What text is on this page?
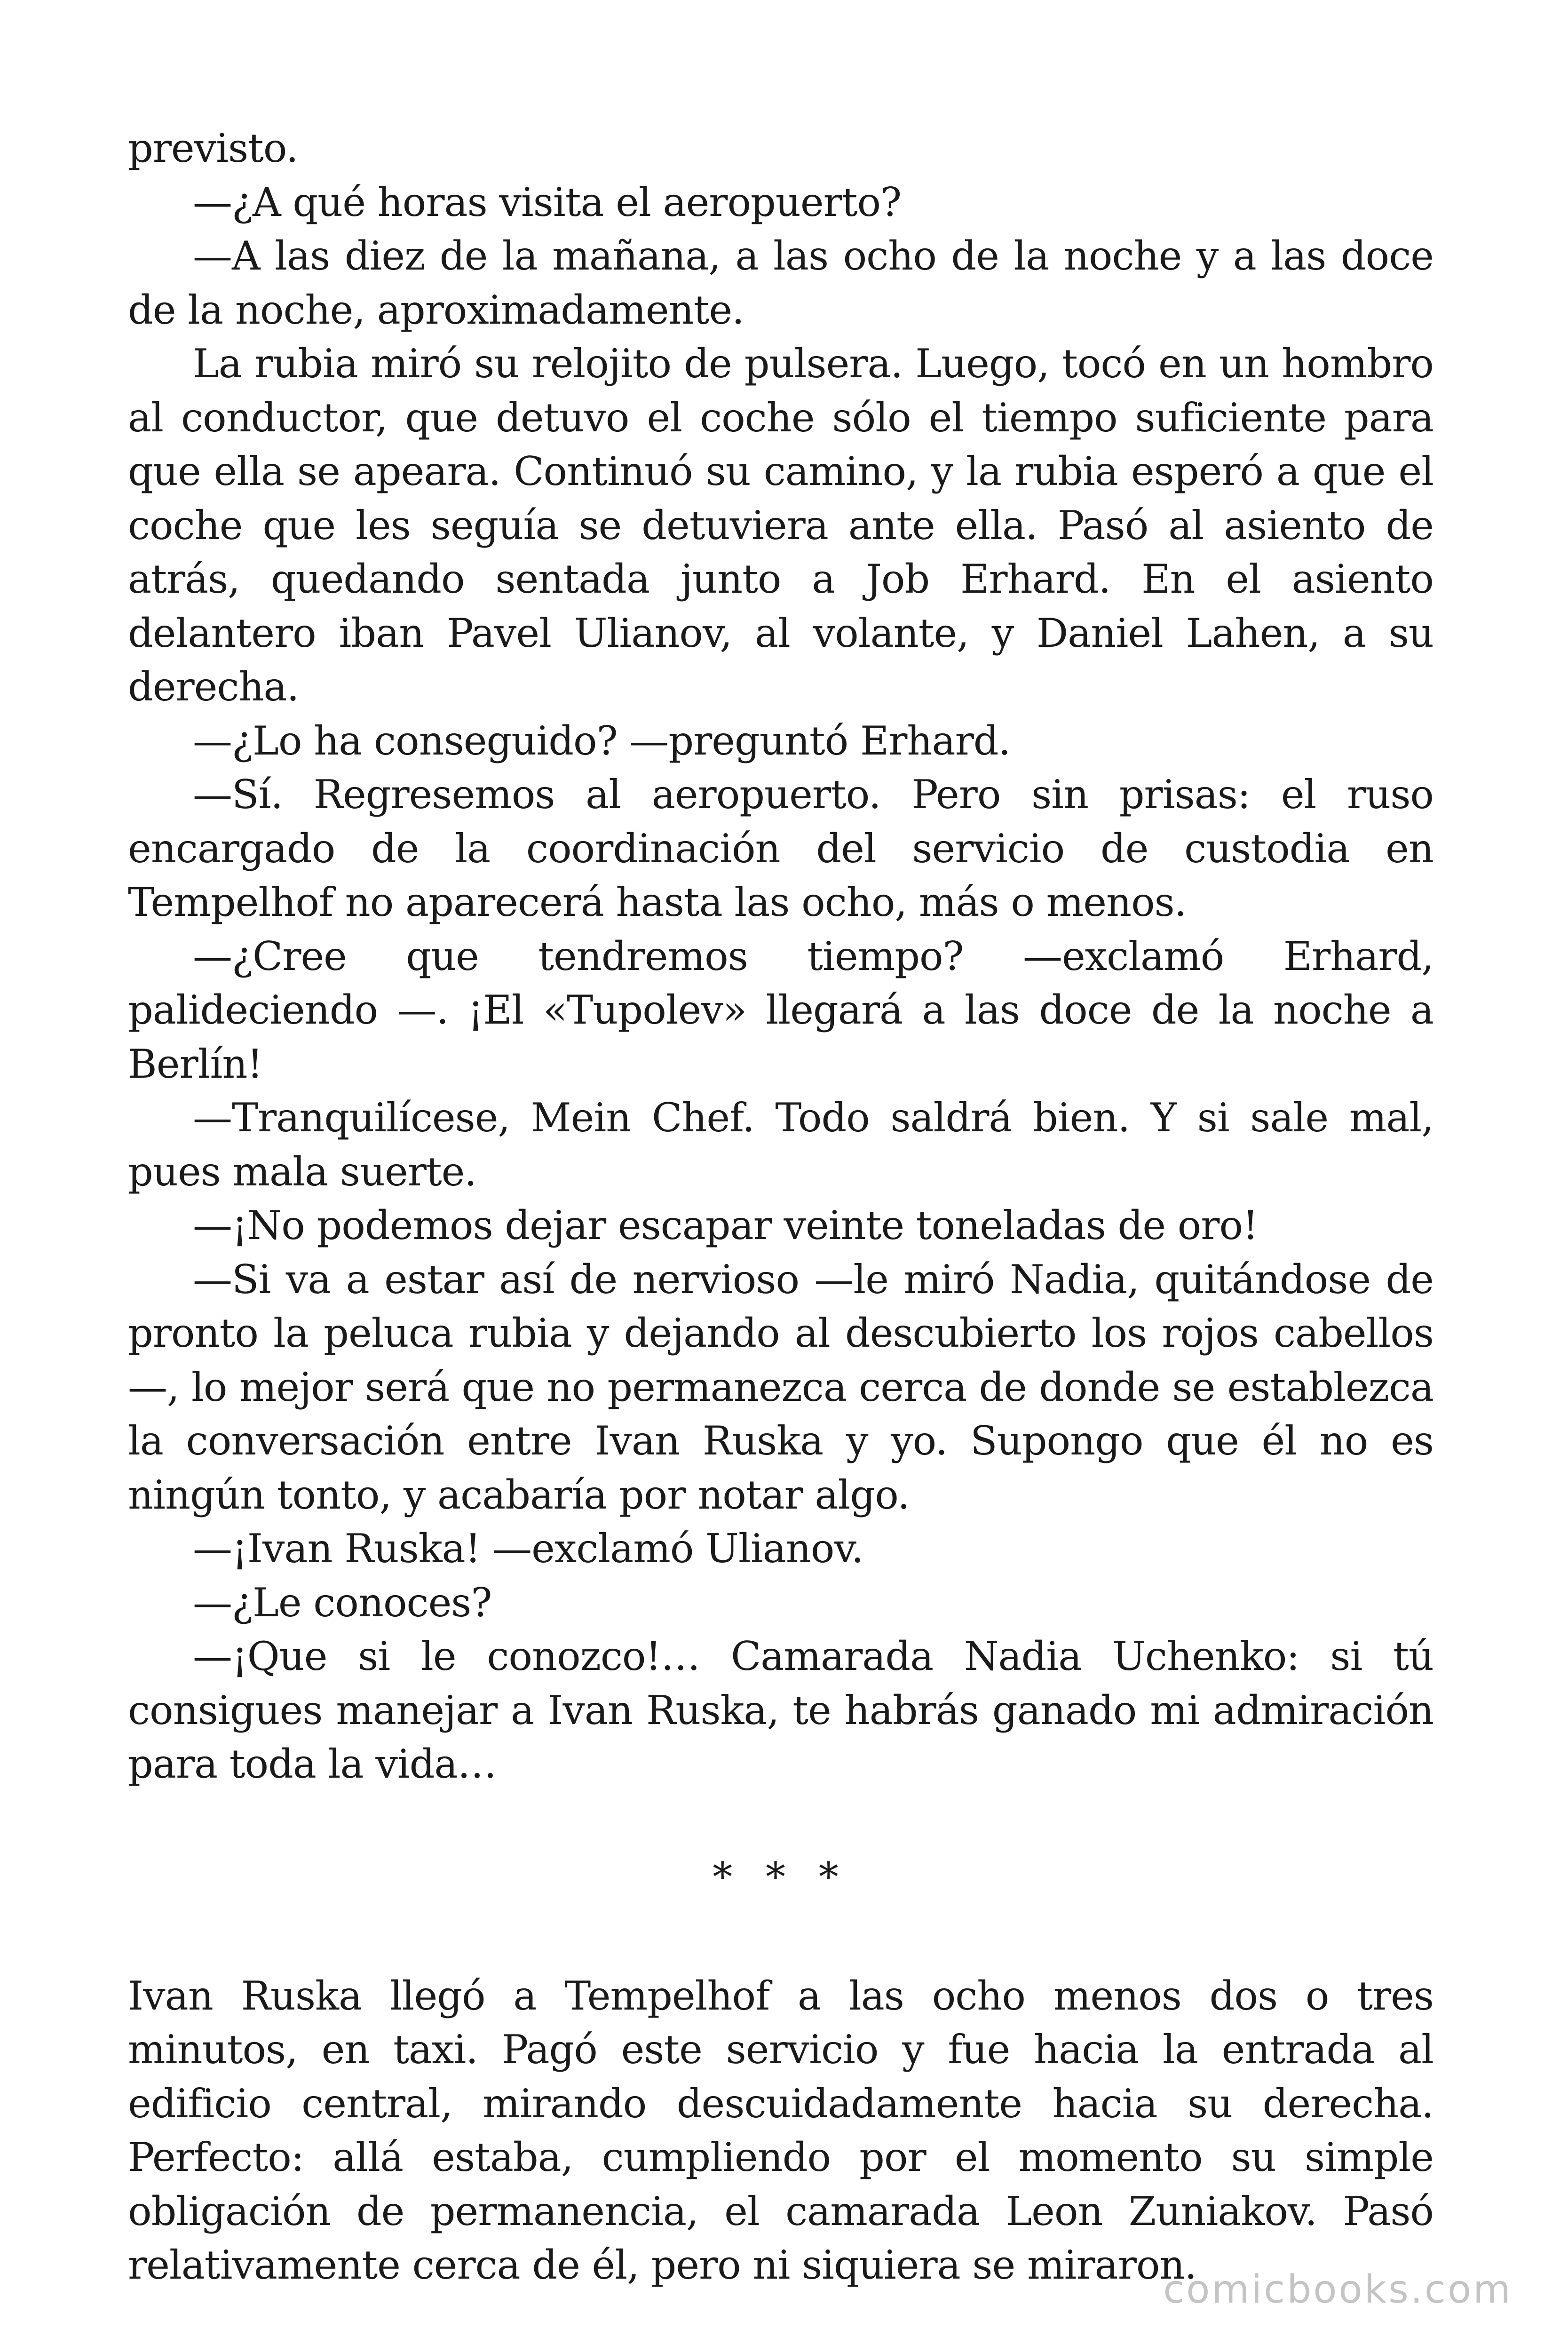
previsto.

—¿A qué horas visita el aeropuerto?

—A las diez de la mañana, a las ocho de la noche y a las doce de la noche, aproximadamente.

La rubia miró su relojito de pulsera. Luego, tocó en un hombro al conductor, que detuvo el coche sólo el tiempo suficiente para que ella se apeara. Continuó su camino, y la rubia esperó a que el coche que les seguía se detuviera ante ella. Pasó al asiento de atrás, quedando sentada junto a Job Erhard. En el asiento delantero iban Pavel Ulianov, al volante, y Daniel Lahen, a su derecha.

—¿Lo ha conseguido? —preguntó Erhard.

—Sí. Regresemos al aeropuerto. Pero sin prisas: el ruso encargado de la coordinación del servicio de custodia en Tempelhof no aparecerá hasta las ocho, más o menos.

—¿Cree que tendremos tiempo? —exclamó Erhard, palideciendo —. ¡El «Tupolev» llegará a las doce de la noche a Berlín!

—Tranquilícese, Mein Chef. Todo saldrá bien. Y si sale mal, pues mala suerte.

—¡No podemos dejar escapar veinte toneladas de oro!

—Si va a estar así de nervioso —le miró Nadia, quitándose de pronto la peluca rubia y dejando al descubierto los rojos cabellos—, lo mejor será que no permanezca cerca de donde se establezca la conversación entre Ivan Ruska y yo. Supongo que él no es ningún tonto, y acabaría por notar algo.

—¡Ivan Ruska! —exclamó Ulianov.

—¿Le conoces?

—¡Que si le conozco!… Camarada Nadia Uchenko: si tú consigues manejar a Ivan Ruska, te habrás ganado mi admiración para toda la vida…

* * *

Ivan Ruska llegó a Tempelhof a las ocho menos dos o tres minutos, en taxi. Pagó este servicio y fue hacia la entrada al edificio central, mirando descuidadamente hacia su derecha. Perfecto: allá estaba, cumpliendo por el momento su simple obligación de permanencia, el camarada Leon Zuniakov. Pasó relativamente cerca de él, pero ni siquiera se miraron.

comicbooks.com
